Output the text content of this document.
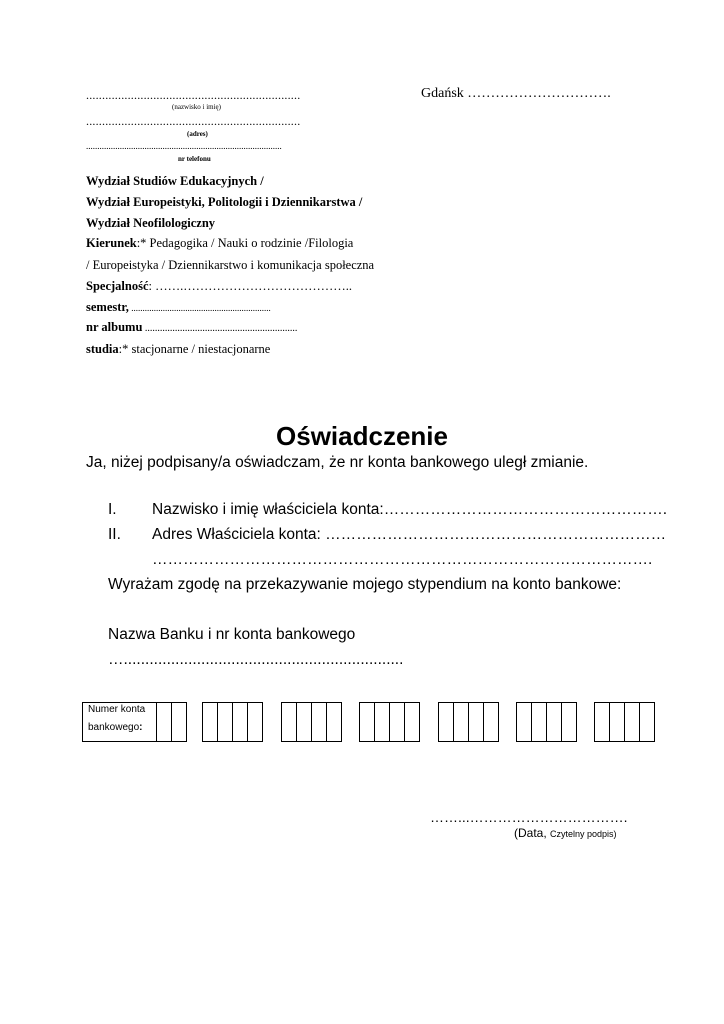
...................................................................
(nazwisko i imię)
...................................................................
(adres)
.......................................................................................
nr telefonu
Gdańsk ………………………….
Wydział Studiów Edukacyjnych /
Wydział Europeistyki, Politologii i Dziennikarstwa /
Wydział Neofilologiczny
Kierunek:* Pedagogika / Nauki o rodzinie /Filologia
/ Europeistyka / Dziennikarstwo i komunikacja społeczna
Specjalność: …….…………………………………..
semestr, ..............................................................
nr albumu .............................................................
studia:* stacjonarne / niestacjonarne
Oświadczenie
Ja, niżej podpisany/a oświadczam, że nr konta bankowego uległ zmianie.
I. Nazwisko i imię właściciela konta:……………………………………………….
II. Adres Właściciela konta: …………………………………………………………
…………………………………………………………………………………….
Wyrażam zgodę na przekazywanie mojego stypendium na konto bankowe:
Nazwa Banku i nr konta bankowego
….................................................................
Numer konta
bankowego:
……...…………………………….
(Data, Czytelny podpis)
